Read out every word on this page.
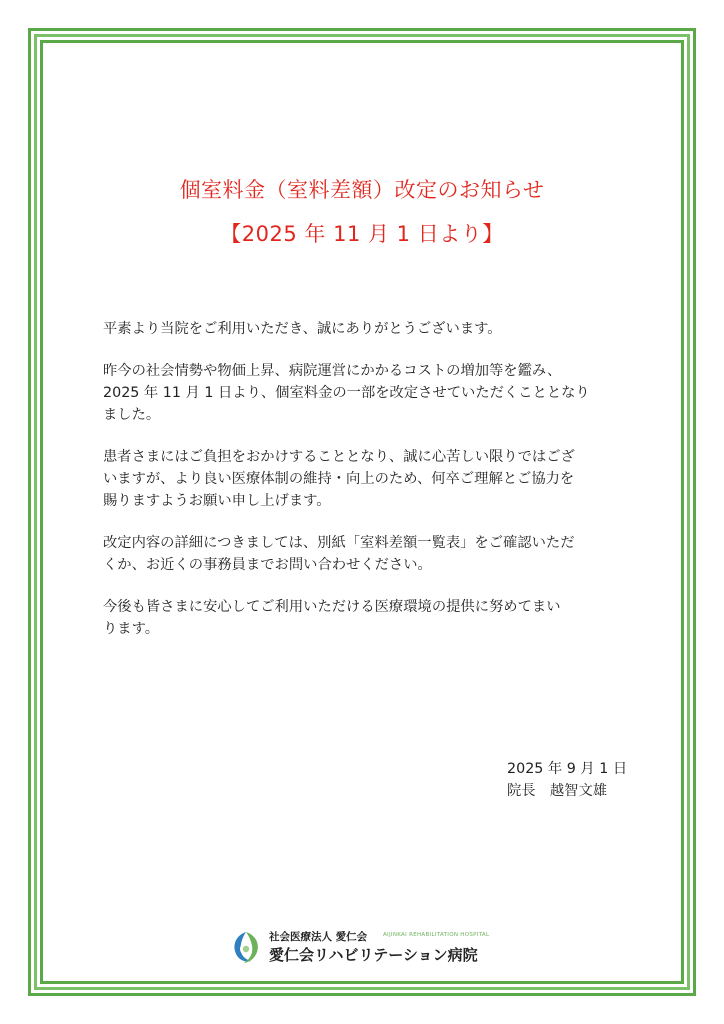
個室料金（室料差額）改定のお知らせ
【2025 年 11 月 1 日より】
平素より当院をご利用いただき、誠にありがとうございます。
昨今の社会情勢や物価上昇、病院運営にかかるコストの増加等を鑑み、
2025 年 11 月 1 日より、個室料金の一部を改定させていただくこととなり
ました。
患者さまにはご負担をおかけすることとなり、誠に心苦しい限りではござ
いますが、より良い医療体制の維持・向上のため、何卒ご理解とご協力を
賜りますようお願い申し上げます。
改定内容の詳細につきましては、別紙「室料差額一覧表」をご確認いただ
くか、お近くの事務員までお問い合わせください。
今後も皆さまに安心してご利用いただける医療環境の提供に努めてまい
ります。
2025 年 9 月 1 日
院長　越智文雄
社会医療法人 愛仁会	AIJINKAI REHABILITATION HOSPITAL
愛仁会リハビリテーション病院
